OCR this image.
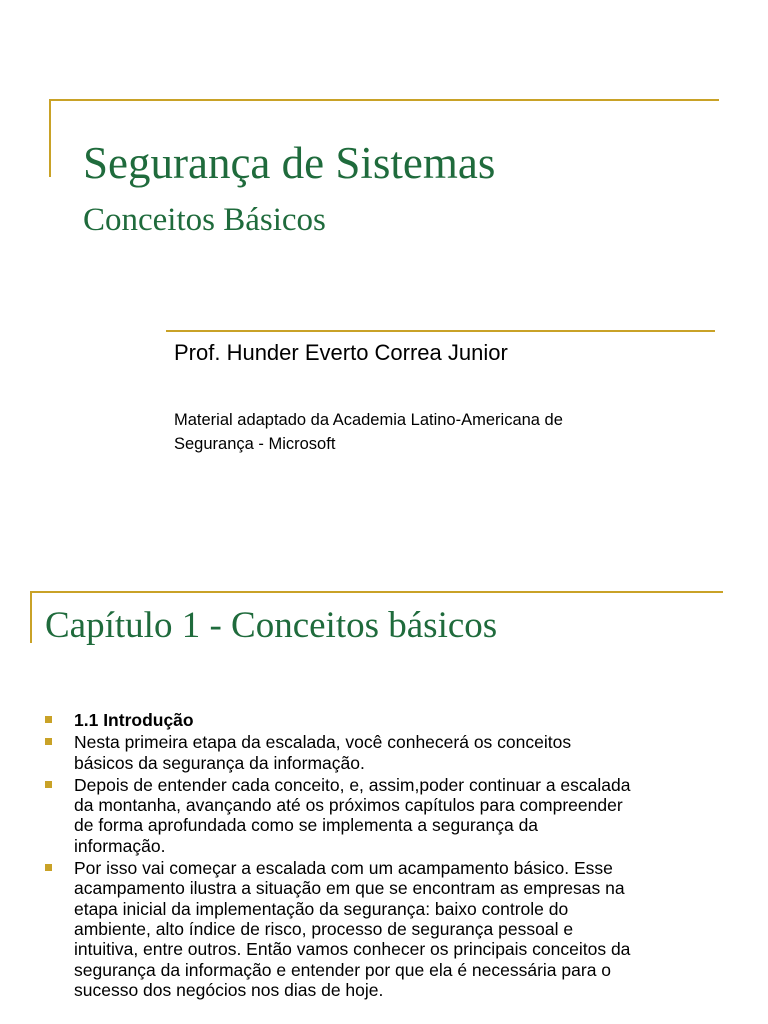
Segurança de Sistemas
Conceitos Básicos

Prof. Hunder Everto Correa Junior

Material adaptado da Academia Latino-Americana de
Segurança - Microsoft

Capítulo 1 - Conceitos básicos
1.1 Introdução
Nesta primeira etapa da escalada, você conhecerá os conceitos
básicos da segurança da informação.
Depois de entender cada conceito, e, assim,poder continuar a escalada
da montanha, avançando até os próximos capítulos para compreender
de forma aprofundada como se implementa a segurança da
informação.
Por isso vai começar a escalada com um acampamento básico. Esse
acampamento ilustra a situação em que se encontram as empresas na
etapa inicial da implementação da segurança: baixo controle do
ambiente, alto índice de risco, processo de segurança pessoal e
intuitiva, entre outros. Então vamos conhecer os principais conceitos da
segurança da informação e entender por que ela é necessária para o
sucesso dos negócios nos dias de hoje.
